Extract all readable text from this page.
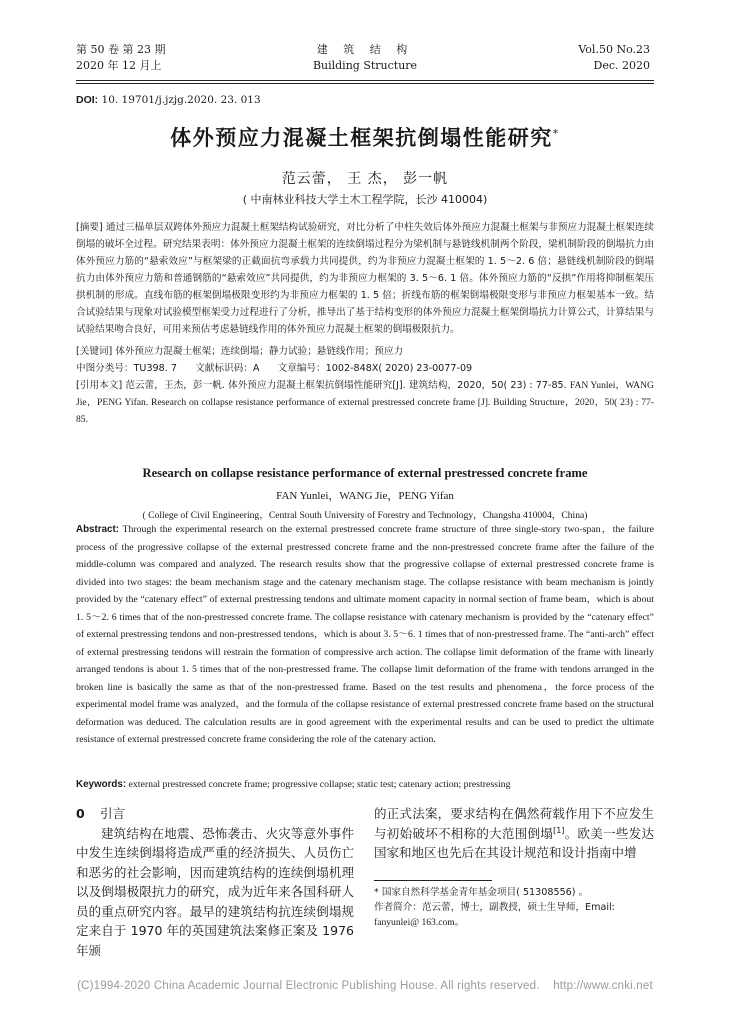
第 50 卷 第 23 期
2020 年 12 月上
建 筑 结 构
Building Structure
Vol.50 No.23
Dec. 2020
DOI: 10. 19701/j.jzjg.2020. 23. 013
体外预应力混凝土框架抗倒塌性能研究*
范云蕾， 王 杰， 彭一帆
( 中南林业科技大学土木工程学院，长沙 410004)
[摘要] 通过三榀单层双跨体外预应力混凝土框架结构试验研究，对比分析了中柱失效后体外预应力混凝土框架与非预应力混凝土框架连续倒塌的破坏全过程。研究结果表明：体外预应力混凝土框架的连续倒塌过程分为梁机制与悬链线机制两个阶段，梁机制阶段的倒塌抗力由体外预应力筋的“悬索效应”与框架梁的正截面抗弯承载力共同提供，约为非预应力混凝土框架的 1. 5～2. 6 倍；悬链线机制阶段的倒塌抗力由体外预应力筋和普通钢筋的“悬索效应”共同提供，约为非预应力框架的 3. 5～6. 1 倍。体外预应力筋的“反拱”作用将抑制框架压拱机制的形成。直线布筋的框架倒塌极限变形约为非预应力框架的 1. 5 倍；折线布筋的框架倒塌极限变形与非预应力框架基本一致。结合试验结果与现象对试验模型框架受力过程进行了分析，推导出了基于结构变形的体外预应力混凝土框架倒塌抗力计算公式，计算结果与试验结果吻合良好，可用来预估考虑悬链线作用的体外预应力混凝土框架的倒塌极限抗力。
[关键词] 体外预应力混凝土框架；连续倒塌；静力试验；悬链线作用；预应力
中图分类号：TU398. 7      文献标识码：A      文章编号：1002-848X( 2020) 23-0077-09
[引用本文] 范云蕾，王杰，彭一帆. 体外预应力混凝土框架抗倒塌性能研究[J]. 建筑结构，2020，50( 23) : 77-85. FAN Yunlei，WANG Jie，PENG Yifan. Research on collapse resistance performance of external prestressed concrete frame [J]. Building Structure，2020，50( 23) : 77-85.
Research on collapse resistance performance of external prestressed concrete frame
FAN Yunlei，WANG Jie，PENG Yifan
( College of Civil Engineering，Central South University of Forestry and Technology，Changsha 410004，China)
Abstract: Through the experimental research on the external prestressed concrete frame structure of three single-story two-span，the failure process of the progressive collapse of the external prestressed concrete frame and the non-prestressed concrete frame after the failure of the middle-column was compared and analyzed. The research results show that the progressive collapse of external prestressed concrete frame is divided into two stages: the beam mechanism stage and the catenary mechanism stage. The collapse resistance with beam mechanism is jointly provided by the “catenary effect” of external prestressing tendons and ultimate moment capacity in normal section of frame beam，which is about 1. 5～2. 6 times that of the non-prestressed concrete frame. The collapse resistance with catenary mechanism is provided by the “catenary effect” of external prestressing tendons and non-prestressed tendons，which is about 3. 5～6. 1 times that of non-prestressed frame. The “anti-arch” effect of external prestressing tendons will restrain the formation of compressive arch action. The collapse limit deformation of the frame with linearly arranged tendons is about 1. 5 times that of the non-prestressed frame. The collapse limit deformation of the frame with tendons arranged in the broken line is basically the same as that of the non-prestressed frame. Based on the test results and phenomena，the force process of the experimental model frame was analyzed，and the formula of the collapse resistance of external prestressed concrete frame based on the structural deformation was deduced. The calculation results are in good agreement with the experimental results and can be used to predict the ultimate resistance of external prestressed concrete frame considering the role of the catenary action.
Keywords: external prestressed concrete frame; progressive collapse; static test; catenary action; prestressing
0 引言
建筑结构在地震、恐怖袭击、火灾等意外事件中发生连续倒塌将造成严重的经济损失、人员伤亡和恶劣的社会影响，因而建筑结构的连续倒塌机理以及倒塌极限抗力的研究，成为近年来各国科研人员的重点研究内容。最早的建筑结构抗连续倒塌规定来自于 1970 年的英国建筑法案修正案及 1976 年颁
的正式法案，要求结构在偶然荷载作用下不应发生与初始破坏不相称的大范围倒塌[1]。欧美一些发达国家和地区也先后在其设计规范和设计指南中增
* 国家自然科学基金青年基金项目( 51308556) 。
作者简介：范云蕾，博士，副教授，硕士生导师，Email:
fanyunlei@ 163.com。
(C)1994-2020 China Academic Journal Electronic Publishing House. All rights reserved.    http://www.cnki.net
